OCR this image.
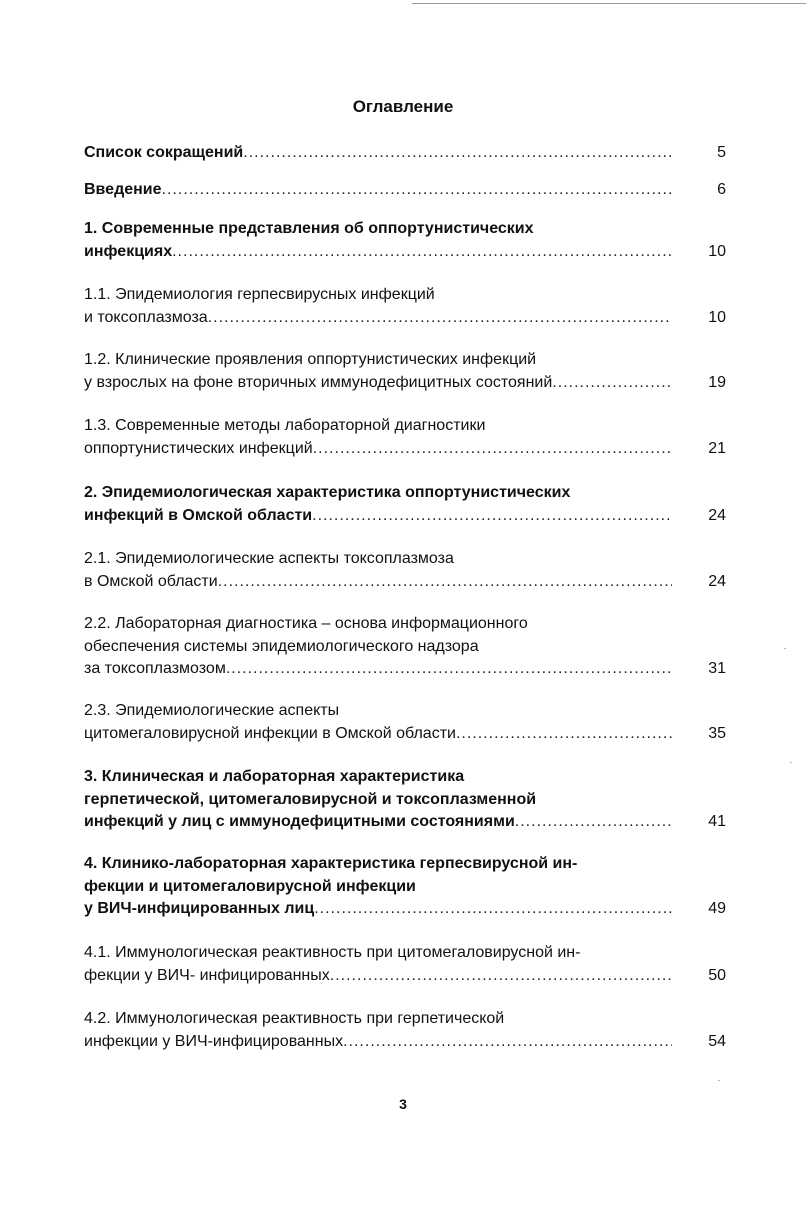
Оглавление
Список сокращений .....	5
Введение .....	6
1. Современные представления об оппортунистических
инфекциях .....	10
1.1. Эпидемиология герпесвирусных инфекций
и токсоплазмоза .....	10
1.2. Клинические проявления оппортунистических инфекций
у взрослых на фоне вторичных иммунодефицитных состояний .....	19
1.3. Современные методы лабораторной диагностики
оппортунистических инфекций .....	21
2. Эпидемиологическая характеристика оппортунистических
инфекций в Омской области .....	24
2.1. Эпидемиологические аспекты токсоплазмоза
в Омской области .....	24
2.2. Лабораторная диагностика – основа информационного
обеспечения системы эпидемиологического надзора
за токсоплазмозом .....	31
2.3. Эпидемиологические аспекты
цитомегаловирусной инфекции в Омской области .....	35
3. Клиническая и лабораторная характеристика
герпетической, цитомегаловирусной и токсоплазменной
инфекций у лиц с иммунодефицитными состояниями .....	41
4. Клинико-лабораторная характеристика герпесвирусной ин-
фекции и цитомегаловирусной инфекции
у ВИЧ-инфицированных лиц .....	49
4.1. Иммунологическая реактивность при цитомегаловирусной ин-
фекции у ВИЧ- инфицированных .....	50
4.2. Иммунологическая реактивность при герпетической
инфекции у ВИЧ-инфицированных .....	54
3
